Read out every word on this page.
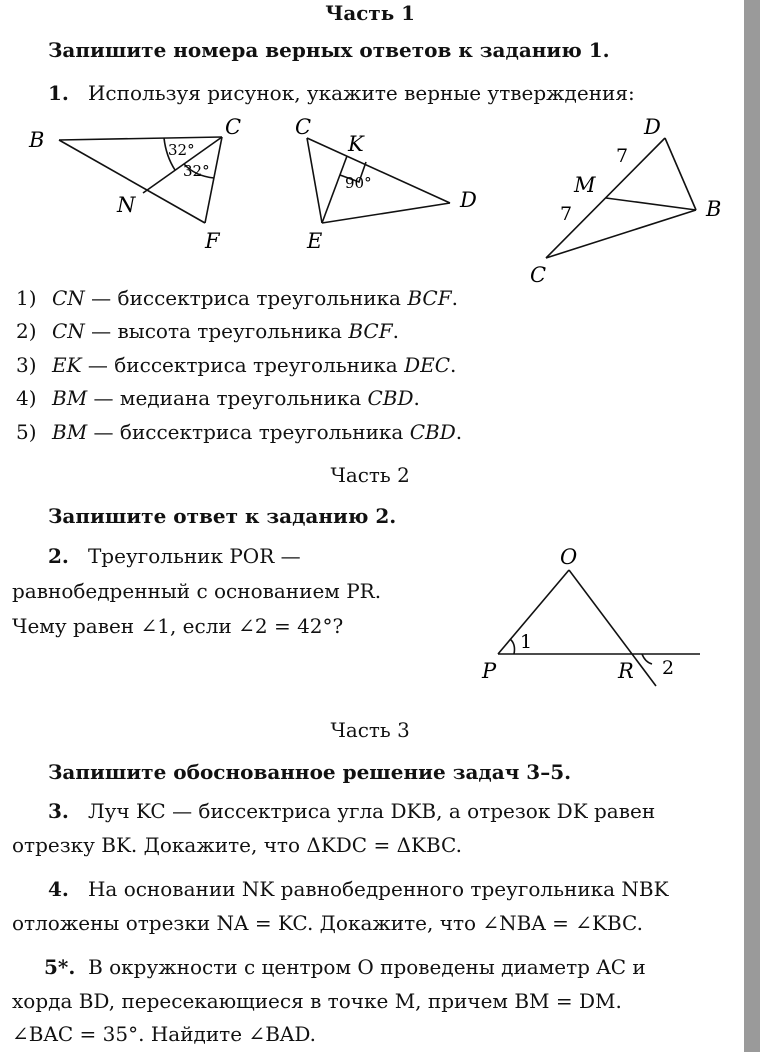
Часть 1
Запишите номера верных ответов к заданию 1.
1. Используя рисунок, укажите верные утверждения:
B
C
N
F
32°
32°
C
K
D
E
90°
D
M
B
C
7
7
1) CN — биссектриса треугольника BCF.
2) CN — высота треугольника BCF.
3) EK — биссектриса треугольника DEC.
4) BM — медиана треугольника CBD.
5) BM — биссектриса треугольника CBD.
Часть 2
Запишите ответ к заданию 2.
2. Треугольник POR —
равнобедренный с основанием PR.
Чему равен ∠1, если ∠2 = 42°?
O
P	R
1
2
Часть 3
Запишите обоснованное решение задач 3–5.
3. Луч KC — биссектриса угла DKB, а отрезок DK равен
отрезку BK. Докажите, что ΔKDC = ΔKBC.
4. На основании NK равнобедренного треугольника NBK
отложены отрезки NA = KC. Докажите, что ∠NBA = ∠KBC.
5*. В окружности с центром O проведены диаметр AC и
хорда BD, пересекающиеся в точке M, причем BM = DM.
∠BAC = 35°. Найдите ∠BAD.
